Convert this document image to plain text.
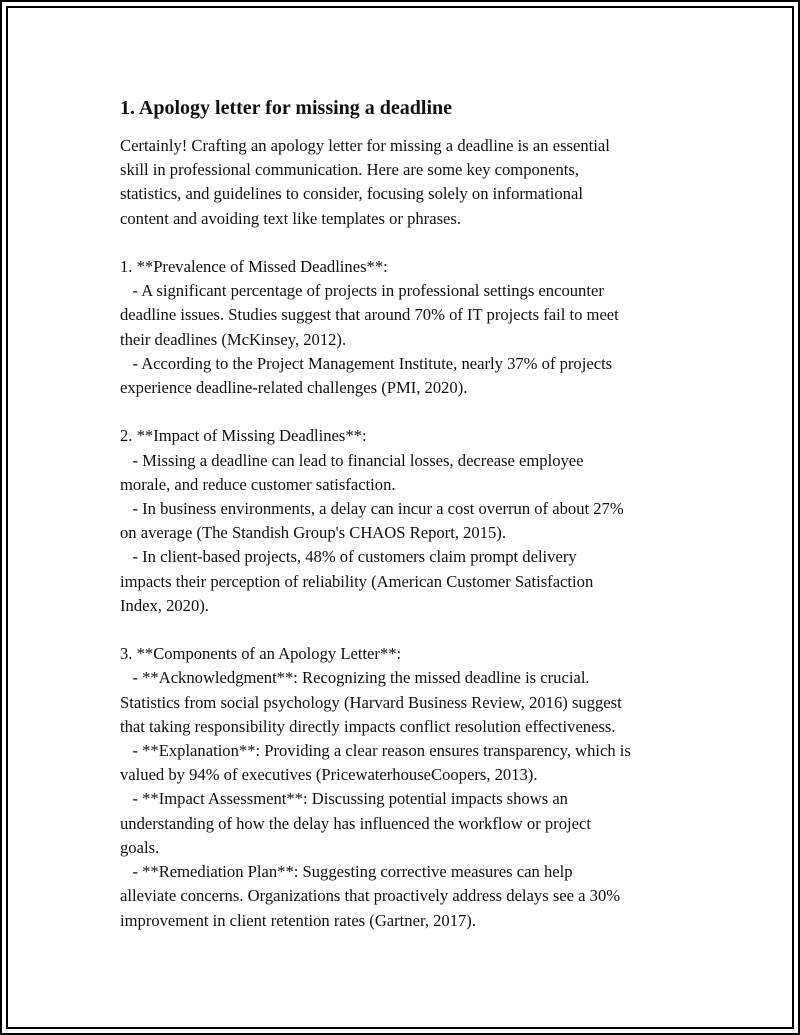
1. Apology letter for missing a deadline

Certainly! Crafting an apology letter for missing a deadline is an essential
skill in professional communication. Here are some key components,
statistics, and guidelines to consider, focusing solely on informational
content and avoiding text like templates or phrases.

1. **Prevalence of Missed Deadlines**:
- A significant percentage of projects in professional settings encounter
deadline issues. Studies suggest that around 70% of IT projects fail to meet
their deadlines (McKinsey, 2012).
- According to the Project Management Institute, nearly 37% of projects
experience deadline-related challenges (PMI, 2020).

2. **Impact of Missing Deadlines**:
- Missing a deadline can lead to financial losses, decrease employee
morale, and reduce customer satisfaction.
- In business environments, a delay can incur a cost overrun of about 27%
on average (The Standish Group's CHAOS Report, 2015).
- In client-based projects, 48% of customers claim prompt delivery
impacts their perception of reliability (American Customer Satisfaction
Index, 2020).

3. **Components of an Apology Letter**:
- **Acknowledgment**: Recognizing the missed deadline is crucial.
Statistics from social psychology (Harvard Business Review, 2016) suggest
that taking responsibility directly impacts conflict resolution effectiveness.
- **Explanation**: Providing a clear reason ensures transparency, which is
valued by 94% of executives (PricewaterhouseCoopers, 2013).
- **Impact Assessment**: Discussing potential impacts shows an
understanding of how the delay has influenced the workflow or project
goals.
- **Remediation Plan**: Suggesting corrective measures can help
alleviate concerns. Organizations that proactively address delays see a 30%
improvement in client retention rates (Gartner, 2017).
